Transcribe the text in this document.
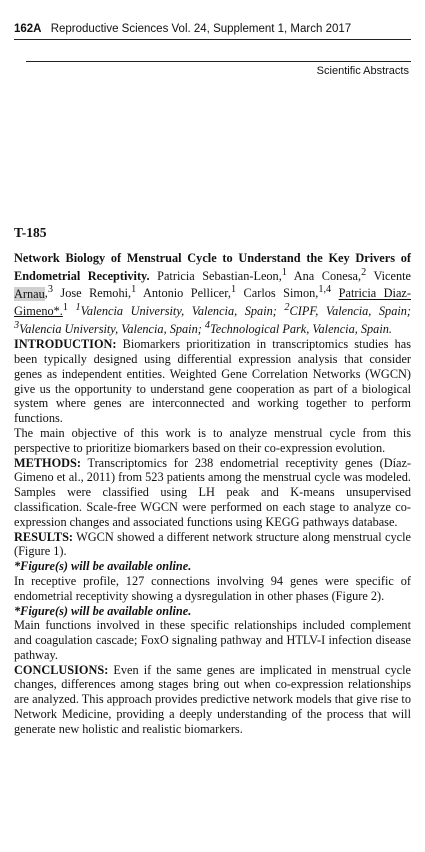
162A Reproductive Sciences Vol. 24, Supplement 1, March 2017
Scientific Abstracts

T-185

Network Biology of Menstrual Cycle to Understand the Key Drivers of Endometrial Receptivity. Patricia Sebastian-Leon,$^1$ Ana Conesa,$^2$ Vicente Arnau,$^3$ Jose Remohi,$^1$ Antonio Pellicer,$^1$ Carlos Simon,$^{1,4}$ Patricia Diaz-Gimeno*.$^1$ $^1$Valencia University, Valencia, Spain; $^2$CIPF, Valencia, Spain; $^3$Valencia University, Valencia, Spain; $^4$Technological Park, Valencia, Spain.

INTRODUCTION: Biomarkers prioritization in transcriptomics studies has been typically designed using differential expression analysis that consider genes as independent entities. Weighted Gene Correlation Networks (WGCN) give us the opportunity to understand gene cooperation as part of a biological system where genes are interconnected and working together to perform functions.

The main objective of this work is to analyze menstrual cycle from this perspective to prioritize biomarkers based on their co-expression evolution.

METHODS: Transcriptomics for 238 endometrial receptivity genes (Díaz-Gimeno et al., 2011) from 523 patients among the menstrual cycle was modeled. Samples were classified using LH peak and K-means unsupervised classification. Scale-free WGCN were performed on each stage to analyze co-expression changes and associated functions using KEGG pathways database.

RESULTS: WGCN showed a different network structure along menstrual cycle (Figure 1).

*Figure(s) will be available online.

In receptive profile, 127 connections involving 94 genes were specific of endometrial receptivity showing a dysregulation in other phases (Figure 2).

*Figure(s) will be available online.

Main functions involved in these specific relationships included complement and coagulation cascade; FoxO signaling pathway and HTLV-I infection disease pathway.

CONCLUSIONS: Even if the same genes are implicated in menstrual cycle changes, differences among stages bring out when co-expression relationships are analyzed. This approach provides predictive network models that give rise to Network Medicine, providing a deeply understanding of the process that will generate new holistic and realistic biomarkers.
